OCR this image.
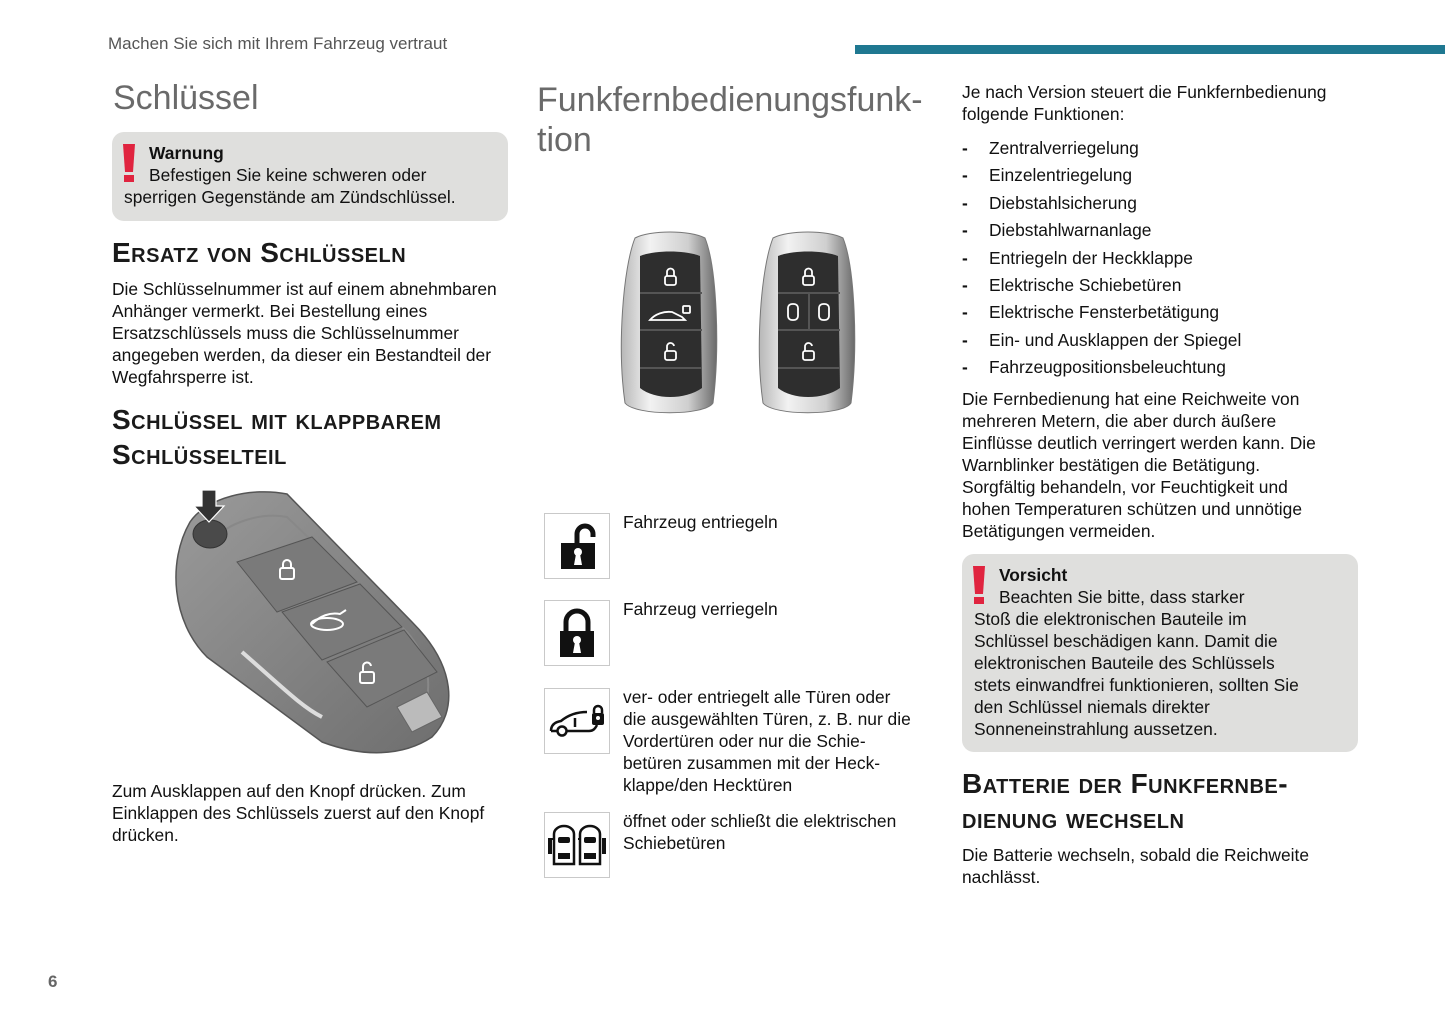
Machen Sie sich mit Ihrem Fahrzeug vertraut
Schlüssel
Warnung
Befestigen Sie keine schweren oder
sperrigen Gegenstände am Zündschlüssel.
Ersatz von Schlüsseln

Die Schlüsselnummer ist auf einem abnehmbaren Anhänger vermerkt. Bei Bestellung eines Ersatzschlüssels muss die Schlüsselnummer angegeben werden, da dieser ein Bestandteil der Wegfahrsperre ist.

Schlüssel mit klappbarem
Schlüsselteil

Zum Ausklappen auf den Knopf drücken. Zum Einklappen des Schlüssels zuerst auf den Knopf drücken.

Funkfernbedienungsfunk-
tion
Fahrzeug entriegeln
Fahrzeug verriegeln
ver- oder entriegelt alle Türen oder die ausgewählten Türen, z. B. nur die Vordertüren oder nur die Schie-betüren zusammen mit der Heck-klappe/den Hecktüren
öffnet oder schließt die elektrischen Schiebetüren

Je nach Version steuert die Funkfernbedienung folgende Funktionen:

-	Zentralverriegelung
-	Einzelentriegelung
-	Diebstahlsicherung
-	Diebstahlwarnanlage
-	Entriegeln der Heckklappe
-	Elektrische Schiebetüren
-	Elektrische Fensterbetätigung
-	Ein- und Ausklappen der Spiegel
-	Fahrzeugpositionsbeleuchtung

Die Fernbedienung hat eine Reichweite von mehreren Metern, die aber durch äußere Einflüsse deutlich verringert werden kann. Die Warnblinker bestätigen die Betätigung. Sorgfältig behandeln, vor Feuchtigkeit und hohen Temperaturen schützen und unnötige Betätigungen vermeiden.

Vorsicht
Beachten Sie bitte, dass starker
Stoß die elektronischen Bauteile im Schlüssel beschädigen kann. Damit die elektronischen Bauteile des Schlüssels stets einwandfrei funktionieren, sollten Sie den Schlüssel niemals direkter Sonneneinstrahlung aussetzen.
Batterie der Funkfernbe-
dienung wechseln

Die Batterie wechseln, sobald die Reichweite nachlässt.

6
